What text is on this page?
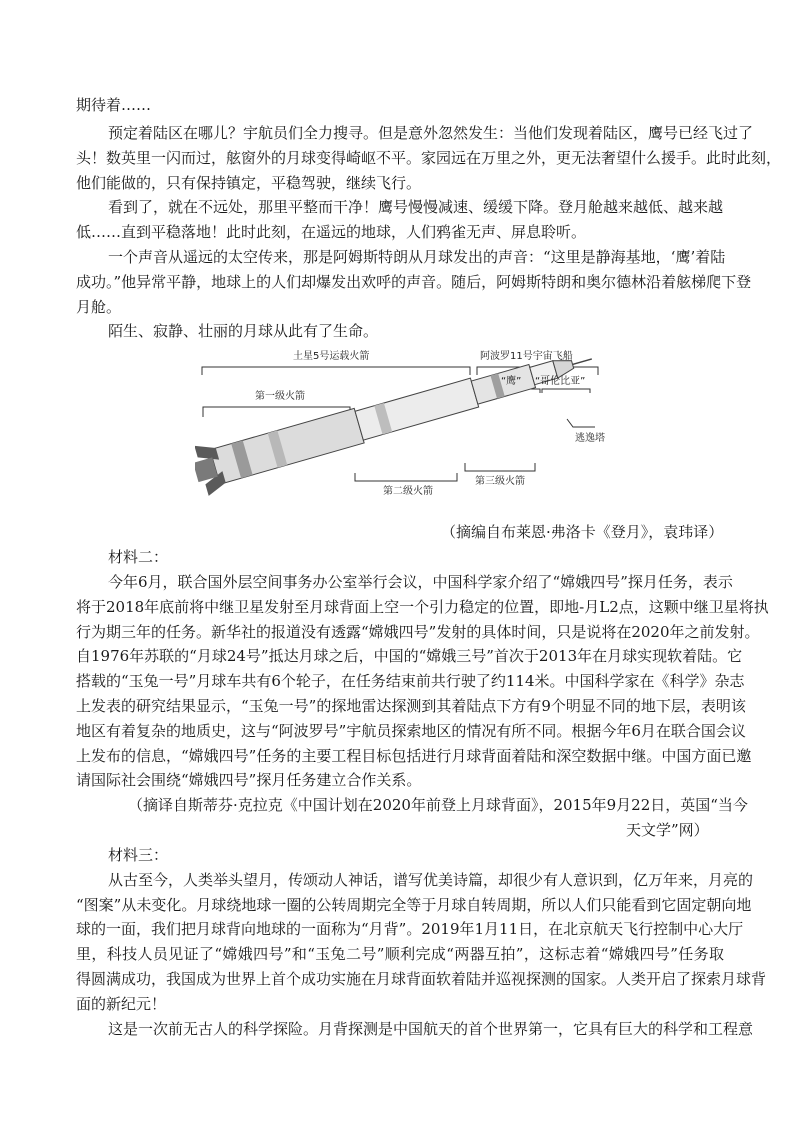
期待着……
预定着陆区在哪儿？宇航员们全力搜寻。但是意外忽然发生：当他们发现着陆区，鹰号已经飞过了
头！数英里一闪而过，舷窗外的月球变得崎岖不平。家园远在万里之外，更无法奢望什么援手。此时此刻，
他们能做的，只有保持镇定，平稳驾驶，继续飞行。
看到了，就在不远处，那里平整而干净！鹰号慢慢减速、缓缓下降。登月舱越来越低、越来越
低……直到平稳落地！此时此刻，在遥远的地球，人们鸦雀无声、屏息聆听。
一个声音从遥远的太空传来，那是阿姆斯特朗从月球发出的声音：“这里是静海基地，‘鹰’着陆
成功。”他异常平静，地球上的人们却爆发出欢呼的声音。随后，阿姆斯特朗和奥尔德林沿着舷梯爬下登
月舱。
陌生、寂静、壮丽的月球从此有了生命。
土星5号运载火箭	阿波罗11号宇宙飞船
第一级火箭
“鹰” “哥伦比亚”
逃逸塔
第二级火箭
第三级火箭
（摘编自布莱恩·弗洛卡《登月》，袁玮译）
材料二：
今年6月，联合国外层空间事务办公室举行会议，中国科学家介绍了“嫦娥四号”探月任务，表示
将于2018年底前将中继卫星发射至月球背面上空一个引力稳定的位置，即地-月L2点，这颗中继卫星将执
行为期三年的任务。新华社的报道没有透露“嫦娥四号”发射的具体时间，只是说将在2020年之前发射。
自1976年苏联的“月球24号”抵达月球之后，中国的“嫦娥三号”首次于2013年在月球实现软着陆。它
搭载的“玉兔一号”月球车共有6个轮子，在任务结束前共行驶了约114米。中国科学家在《科学》杂志
上发表的研究结果显示，“玉兔一号”的探地雷达探测到其着陆点下方有9个明显不同的地下层，表明该
地区有着复杂的地质史，这与“阿波罗号”宇航员探索地区的情况有所不同。根据今年6月在联合国会议
上发布的信息，“嫦娥四号”任务的主要工程目标包括进行月球背面着陆和深空数据中继。中国方面已邀
请国际社会围绕“嫦娥四号”探月任务建立合作关系。
（摘译自斯蒂芬·克拉克《中国计划在2020年前登上月球背面》，2015年9月22日，英国“当今
天文学”网）
材料三：
从古至今，人类举头望月，传颂动人神话，谱写优美诗篇，却很少有人意识到，亿万年来，月亮的
“图案”从未变化。月球绕地球一圈的公转周期完全等于月球自转周期，所以人们只能看到它固定朝向地
球的一面，我们把月球背向地球的一面称为“月背”。2019年1月11日，在北京航天飞行控制中心大厅
里，科技人员见证了“嫦娥四号”和“玉兔二号”顺利完成“两器互拍”，这标志着“嫦娥四号”任务取
得圆满成功，我国成为世界上首个成功实施在月球背面软着陆并巡视探测的国家。人类开启了探索月球背
面的新纪元！
这是一次前无古人的科学探险。月背探测是中国航天的首个世界第一，它具有巨大的科学和工程意
